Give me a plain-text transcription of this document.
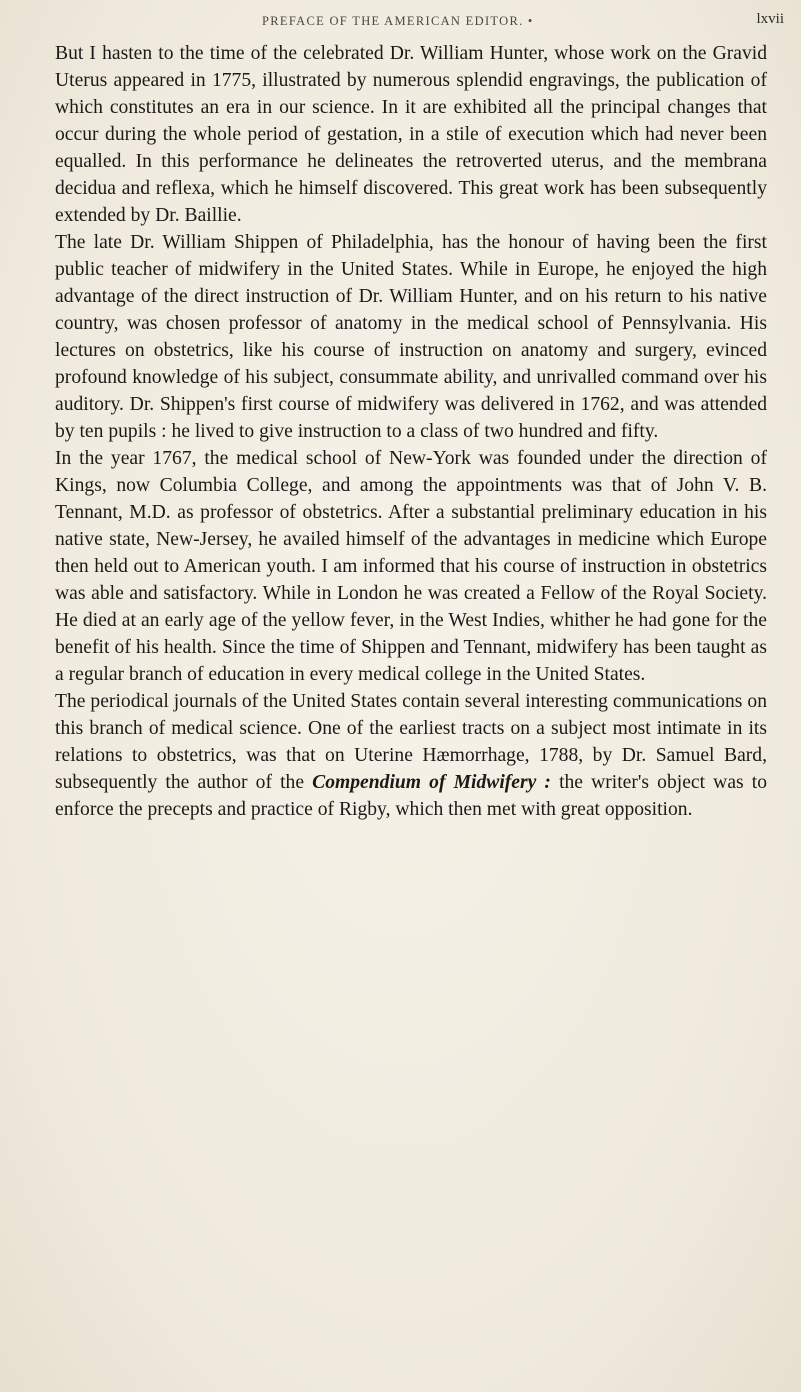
PREFACE OF THE AMERICAN EDITOR. •	lxvii

But I hasten to the time of the celebrated Dr. William Hunter, whose work on the Gravid Uterus appeared in 1775, illustrated by numerous splendid engravings, the publication of which constitutes an era in our science. In it are exhibited all the principal changes that occur during the whole period of gestation, in a stile of execution which had never been equalled. In this performance he delineates the retroverted uterus, and the membrana decidua and reflexa, which he himself discovered. This great work has been subsequently extended by Dr. Baillie.

The late Dr. William Shippen of Philadelphia, has the honour of having been the first public teacher of midwifery in the United States. While in Europe, he enjoyed the high advantage of the direct instruction of Dr. William Hunter, and on his return to his native country, was chosen professor of anatomy in the medical school of Pennsylvania. His lectures on obstetrics, like his course of instruction on anatomy and surgery, evinced profound knowledge of his subject, consummate ability, and unrivalled command over his auditory. Dr. Shippen's first course of midwifery was delivered in 1762, and was attended by ten pupils : he lived to give instruction to a class of two hundred and fifty.

In the year 1767, the medical school of New-York was founded under the direction of Kings, now Columbia College, and among the appointments was that of John V. B. Tennant, M.D. as professor of obstetrics. After a substantial preliminary education in his native state, New-Jersey, he availed himself of the advantages in medicine which Europe then held out to American youth. I am informed that his course of instruction in obstetrics was able and satisfactory. While in London he was created a Fellow of the Royal Society. He died at an early age of the yellow fever, in the West Indies, whither he had gone for the benefit of his health. Since the time of Shippen and Tennant, midwifery has been taught as a regular branch of education in every medical college in the United States.

The periodical journals of the United States contain several interesting communications on this branch of medical science. One of the earliest tracts on a subject most intimate in its relations to obstetrics, was that on Uterine Hæmorrhage, 1788, by Dr. Samuel Bard, subsequently the author of the Compendium of Midwifery : the writer's object was to enforce the precepts and practice of Rigby, which then met with great opposition.
